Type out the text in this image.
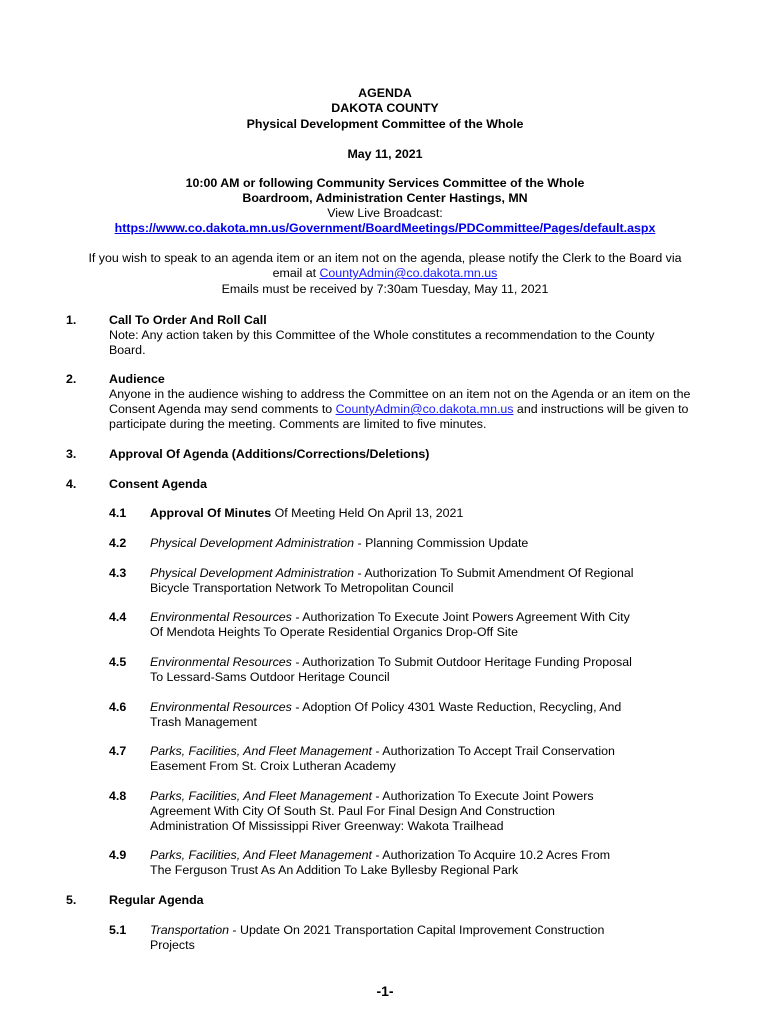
AGENDA
DAKOTA COUNTY
Physical Development Committee of the Whole
May 11, 2021
10:00 AM or following Community Services Committee of the Whole
Boardroom, Administration Center Hastings, MN
View Live Broadcast:
https://www.co.dakota.mn.us/Government/BoardMeetings/PDCommittee/Pages/default.aspx
If you wish to speak to an agenda item or an item not on the agenda, please notify the Clerk to the Board via
email at CountyAdmin@co.dakota.mn.us
Emails must be received by 7:30am Tuesday, May 11, 2021
1.	Call To Order And Roll Call
Note: Any action taken by this Committee of the Whole constitutes a recommendation to the County
Board.
2.	Audience
Anyone in the audience wishing to address the Committee on an item not on the Agenda or an item on the
Consent Agenda may send comments to CountyAdmin@co.dakota.mn.us and instructions will be given to
participate during the meeting. Comments are limited to five minutes.
3.	Approval Of Agenda (Additions/Corrections/Deletions)
4.	Consent Agenda
4.1 Approval Of Minutes Of Meeting Held On April 13, 2021
4.2 Physical Development Administration - Planning Commission Update
4.3 Physical Development Administration - Authorization To Submit Amendment Of Regional
Bicycle Transportation Network To Metropolitan Council
4.4 Environmental Resources - Authorization To Execute Joint Powers Agreement With City
Of Mendota Heights To Operate Residential Organics Drop-Off Site
4.5 Environmental Resources - Authorization To Submit Outdoor Heritage Funding Proposal
To Lessard-Sams Outdoor Heritage Council
4.6 Environmental Resources - Adoption Of Policy 4301 Waste Reduction, Recycling, And
Trash Management
4.7 Parks, Facilities, And Fleet Management - Authorization To Accept Trail Conservation
Easement From St. Croix Lutheran Academy
4.8 Parks, Facilities, And Fleet Management - Authorization To Execute Joint Powers
Agreement With City Of South St. Paul For Final Design And Construction
Administration Of Mississippi River Greenway: Wakota Trailhead
4.9 Parks, Facilities, And Fleet Management - Authorization To Acquire 10.2 Acres From
The Ferguson Trust As An Addition To Lake Byllesby Regional Park
5.	Regular Agenda
5.1 Transportation - Update On 2021 Transportation Capital Improvement Construction
Projects
-1-
